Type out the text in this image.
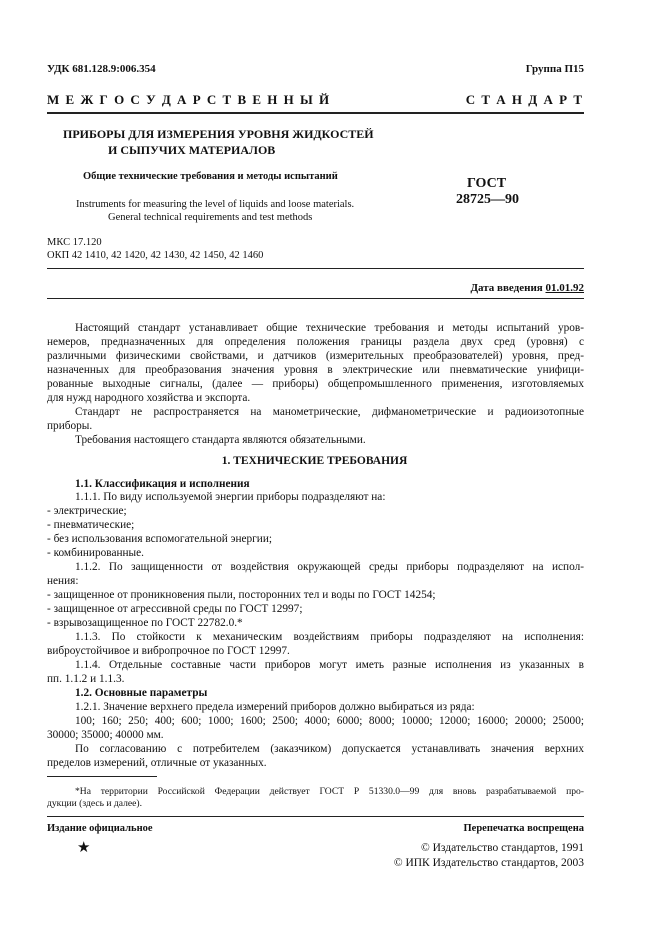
УДК 681.128.9:006.354	Группа П15
М Е Ж Г О С У Д А Р С Т В Е Н Н Ы Й	С Т А Н Д А Р Т
ПРИБОРЫ ДЛЯ ИЗМЕРЕНИЯ УРОВНЯ ЖИДКОСТЕЙ
И СЫПУЧИХ МАТЕРИАЛОВ
Общие технические требования и методы испытаний
Instruments for measuring the level of liquids and loose materials.
General technical requirements and test methods
ГОСТ
28725—90
МКС 17.120
ОКП 42 1410, 42 1420, 42 1430, 42 1450, 42 1460
Дата введения 01.01.92
Настоящий стандарт устанавливает общие технические требования и методы испытаний уров-
немеров, предназначенных для определения положения границы раздела двух сред (уровня) с
различными физическими свойствами, и датчиков (измерительных преобразователей) уровня, пред-
назначенных для преобразования значения уровня в электрические или пневматические унифици-
рованные выходные сигналы, (далее — приборы) общепромышленного применения, изготовляемых
для нужд народного хозяйства и экспорта.
Стандарт не распространяется на манометрические, дифманометрические и радиоизотопные
приборы.
Требования настоящего стандарта являются обязательными.
1. ТЕХНИЧЕСКИЕ ТРЕБОВАНИЯ
1.1. Классификация и исполнения
1.1.1. По виду используемой энергии приборы подразделяют на:
- электрические;
- пневматические;
- без использования вспомогательной энергии;
- комбинированные.
1.1.2. По защищенности от воздействия окружающей среды приборы подразделяют на испол-
нения:
- защищенное от проникновения пыли, посторонних тел и воды по ГОСТ 14254;
- защищенное от агрессивной среды по ГОСТ 12997;
- взрывозащищенное по ГОСТ 22782.0.*
1.1.3. По стойкости к механическим воздействиям приборы подразделяют на исполнения:
виброустойчивое и вибропрочное по ГОСТ 12997.
1.1.4. Отдельные составные части приборов могут иметь разные исполнения из указанных в
пп. 1.1.2 и 1.1.3.
1.2. Основные параметры
1.2.1. Значение верхнего предела измерений приборов должно выбираться из ряда:
100; 160; 250; 400; 600; 1000; 1600; 2500; 4000; 6000; 8000; 10000; 12000; 16000; 20000; 25000;
30000; 35000; 40000 мм.
По согласованию с потребителем (заказчиком) допускается устанавливать значения верхних
пределов измерений, отличные от указанных.
*На территории Российской Федерации действует ГОСТ Р 51330.0—99 для вновь разрабатываемой про-
дукции (здесь и далее).
Издание официальное	Перепечатка воспрещена
★	© Издательство стандартов, 1991
© ИПК Издательство стандартов, 2003
